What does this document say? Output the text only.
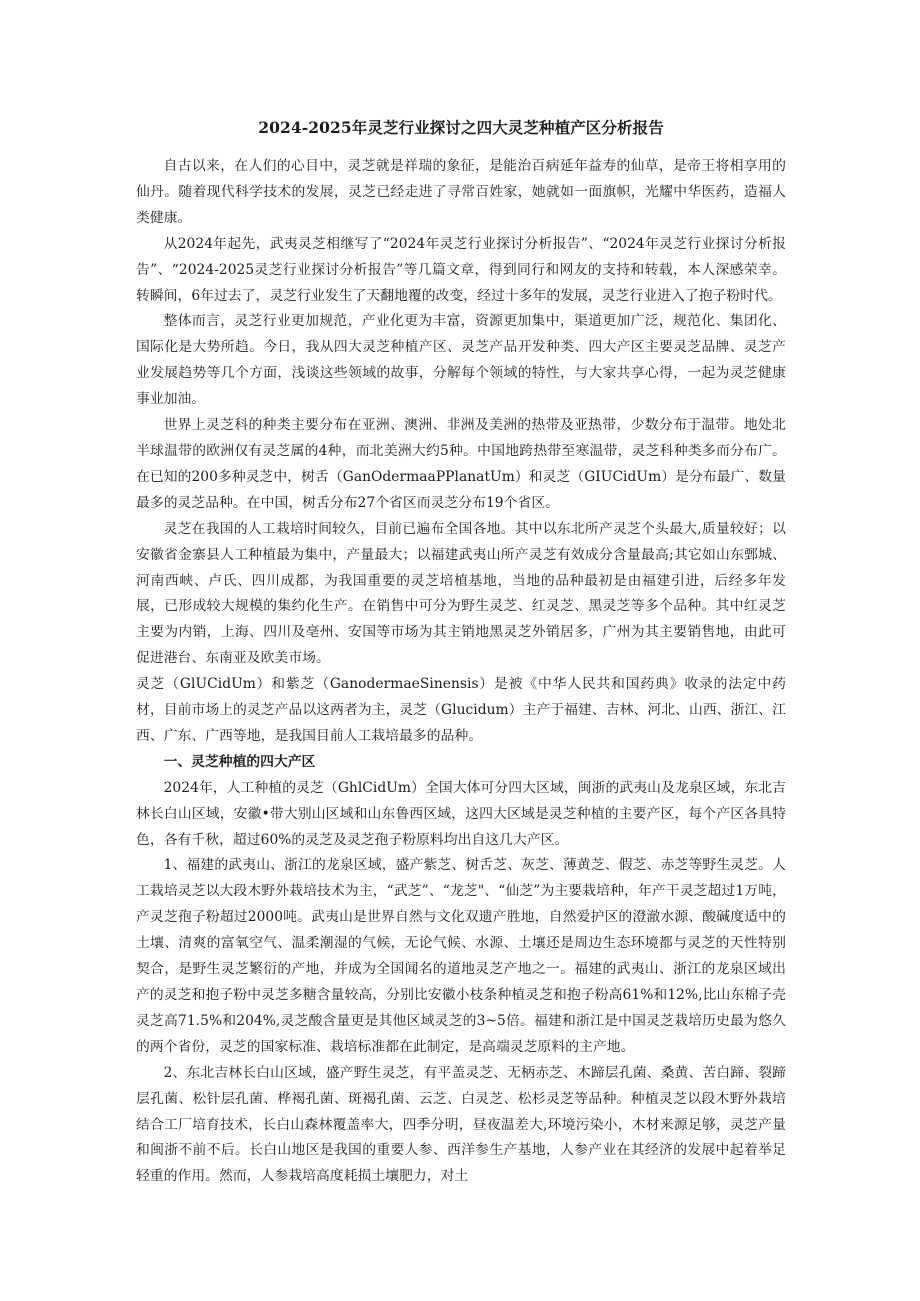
2024-2025年灵芝行业探讨之四大灵芝种植产区分析报告

自古以来，在人们的心目中，灵芝就是祥瑞的象征，是能治百病延年益寿的仙草，是帝王将相享用的仙丹。随着现代科学技术的发展，灵芝已经走进了寻常百姓家，她就如一面旗帜，光耀中华医药，造福人类健康。

从2024年起先，武夷灵芝相继写了“2024年灵芝行业探讨分析报告”、“2024年灵芝行业探讨分析报告”、“2024-2025灵芝行业探讨分析报告”等几篇文章，得到同行和网友的支持和转载，本人深感荣幸。转瞬间，6年过去了，灵芝行业发生了天翻地覆的改变，经过十多年的发展，灵芝行业进入了抱子粉时代。

整体而言，灵芝行业更加规范，产业化更为丰富，资源更加集中，渠道更加广泛，规范化、集团化、国际化是大势所趋。今日，我从四大灵芝种植产区、灵芝产品开发种类、四大产区主要灵芝品牌、灵芝产业发展趋势等几个方面，浅谈这些领域的故事，分解每个领域的特性，与大家共享心得，一起为灵芝健康事业加油。

世界上灵芝科的种类主要分布在亚洲、澳洲、非洲及美洲的热带及亚热带，少数分布于温带。地处北半球温带的欧洲仅有灵芝属的4种，而北美洲大约5种。中国地跨热带至寒温带，灵芝科种类多而分布广。在已知的200多种灵芝中，树舌（GanOdermaaPPlanatUm）和灵芝（GIUCidUm）是分布最广、数量最多的灵芝品种。在中国，树舌分布27个省区而灵芝分布19个省区。

灵芝在我国的人工栽培时间较久，目前已遍布全国各地。其中以东北所产灵芝个头最大,质量较好；以安徽省金寨县人工种植最为集中，产量最大；以福建武夷山所产灵芝有效成分含量最高;其它如山东鄄城、河南西峡、卢氏、四川成都，为我国重要的灵芝培植基地，当地的品种最初是由福建引进，后经多年发展，已形成较大规模的集约化生产。在销售中可分为野生灵芝、红灵芝、黑灵芝等多个品种。其中红灵芝主要为内销，上海、四川及亳州、安国等市场为其主销地黑灵芝外销居多，广州为其主要销售地，由此可促进港台、东南亚及欧美市场。

灵芝（GlUCidUm）和紫芝（GanodermaeSinensis）是被《中华人民共和国药典》收录的法定中药材，目前市场上的灵芝产品以这两者为主，灵芝（Glucidum）主产于福建、吉林、河北、山西、浙江、江西、广东、广西等地，是我国目前人工栽培最多的品种。

一、灵芝种植的四大产区

2024年，人工种植的灵芝（GhlCidUm）全国大体可分四大区域，闽浙的武夷山及龙泉区域，东北吉林长白山区域，安徽•带大别山区域和山东鲁西区域，这四大区域是灵芝种植的主要产区，每个产区各具特色，各有千秋，超过60%的灵芝及灵芝孢子粉原料均出自这几大产区。

1、福建的武夷山、浙江的龙泉区域，盛产紫芝、树舌芝、灰芝、薄黄芝、假芝、赤芝等野生灵芝。人工栽培灵芝以大段木野外栽培技术为主，“武芝”、“龙芝"、“仙芝”为主要栽培种，年产干灵芝超过1万吨，产灵芝孢子粉超过2000吨。武夷山是世界自然与文化双遗产胜地，自然爱护区的澄澈水源、酸碱度适中的土壤、清爽的富氧空气、温柔潮湿的气候，无论气候、水源、土壤还是周边生态环境都与灵芝的天性特别契合，是野生灵芝繁衍的产地，并成为全国闻名的道地灵芝产地之一。福建的武夷山、浙江的龙泉区域出产的灵芝和抱子粉中灵芝多糖含量较高，分别比安徽小枝条种植灵芝和抱子粉高61%和12%,比山东棉子壳灵芝高71.5%和204%,灵芝酸含量更是其他区域灵芝的3~5倍。福建和浙江是中国灵芝栽培历史最为悠久的两个省份，灵芝的国家标准、栽培标准都在此制定，是高端灵芝原料的主产地。

2、东北吉林长白山区域，盛产野生灵芝，有平盖灵芝、无柄赤芝、木蹄层孔菌、桑黄、苦白蹄、裂蹄层孔菌、松针层孔菌、桦褐孔菌、斑褐孔菌、云芝、白灵芝、松杉灵芝等品种。种植灵芝以段木野外栽培结合工厂培育技术，长白山森林覆盖率大，四季分明，昼夜温差大,环境污染小，木材来源足够，灵芝产量和闽浙不前不后。长白山地区是我国的重要人参、西洋参生产基地，人参产业在其经济的发展中起着举足轻重的作用。然而，人参栽培高度耗损土壤肥力，对土
